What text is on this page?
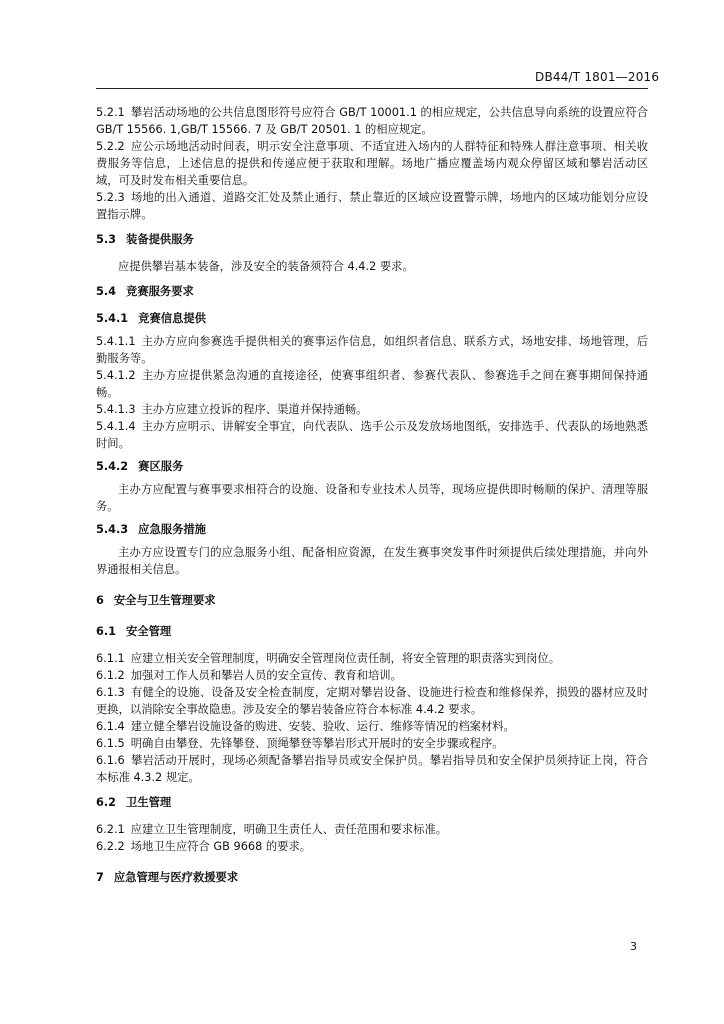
DB44/T 1801—2016

5.2.1 攀岩活动场地的公共信息图形符号应符合 GB/T 10001.1 的相应规定，公共信息导向系统的设置应符合 GB/T 15566. 1,GB/T 15566. 7 及 GB/T 20501. 1 的相应规定。

5.2.2 应公示场地活动时间表，明示安全注意事项、不适宜进入场内的人群特征和特殊人群注意事项、相关收费服务等信息，上述信息的提供和传递应便于获取和理解。场地广播应覆盖场内观众停留区域和攀岩活动区域，可及时发布相关重要信息。

5.2.3 场地的出入通道、道路交汇处及禁止通行、禁止靠近的区域应设置警示牌，场地内的区域功能划分应设置指示牌。

5.3 装备提供服务

应提供攀岩基本装备，涉及安全的装备须符合 4.4.2 要求。

5.4 竞赛服务要求

5.4.1 竞赛信息提供

5.4.1.1 主办方应向参赛选手提供相关的赛事运作信息，如组织者信息、联系方式，场地安排、场地管理，后勤服务等。

5.4.1.2 主办方应提供紧急沟通的直接途径，使赛事组织者、参赛代表队、参赛选手之间在赛事期间保持通畅。

5.4.1.3 主办方应建立投诉的程序、渠道并保持通畅。

5.4.1.4 主办方应明示、讲解安全事宜，向代表队、选手公示及发放场地图纸，安排选手、代表队的场地熟悉时间。

5.4.2 赛区服务

主办方应配置与赛事要求相符合的设施、设备和专业技术人员等，现场应提供即时畅顺的保护、清理等服务。

5.4.3 应急服务措施

主办方应设置专门的应急服务小组、配备相应资源，在发生赛事突发事件时须提供后续处理措施，并向外界通报相关信息。

6 安全与卫生管理要求

6.1 安全管理

6.1.1 应建立相关安全管理制度，明确安全管理岗位责任制，将安全管理的职责落实到岗位。

6.1.2 加强对工作人员和攀岩人员的安全宣传、教育和培训。

6.1.3 有健全的设施、设备及安全检查制度，定期对攀岩设备、设施进行检查和维修保养，损毁的器材应及时更换，以消除安全事故隐患。涉及安全的攀岩装备应符合本标准 4.4.2 要求。

6.1.4 建立健全攀岩设施设备的购进、安装、验收、运行、维修等情况的档案材料。

6.1.5 明确自由攀登、先锋攀登、顶绳攀登等攀岩形式开展时的安全步骤或程序。

6.1.6 攀岩活动开展时，现场必须配备攀岩指导员或安全保护员。攀岩指导员和安全保护员须持证上岗，符合本标准 4.3.2 规定。

6.2 卫生管理

6.2.1 应建立卫生管理制度，明确卫生责任人、责任范围和要求标准。

6.2.2 场地卫生应符合 GB 9668 的要求。

7 应急管理与医疗救援要求

3
